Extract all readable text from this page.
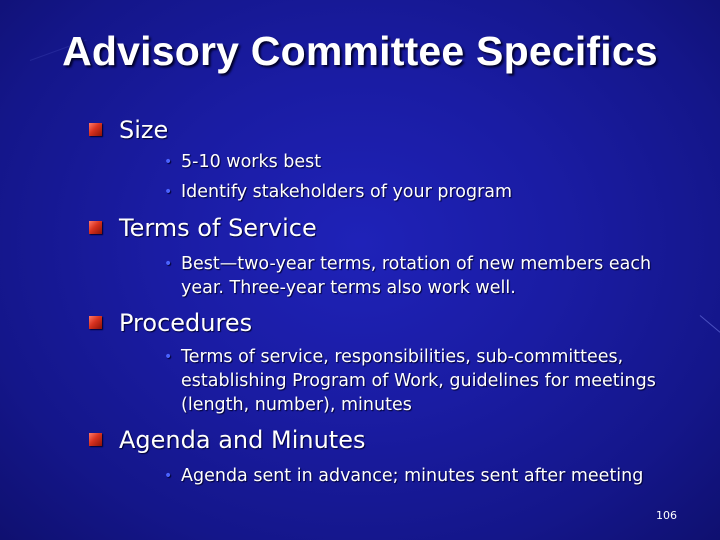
Advisory Committee Specifics
Size
• 5-10 works best
• Identify stakeholders of your program
Terms of Service
• Best—two-year terms, rotation of new members each
year. Three-year terms also work well.
Procedures
• Terms of service, responsibilities, sub-committees,
establishing Program of Work, guidelines for meetings
(length, number), minutes
Agenda and Minutes
• Agenda sent in advance; minutes sent after meeting
106
